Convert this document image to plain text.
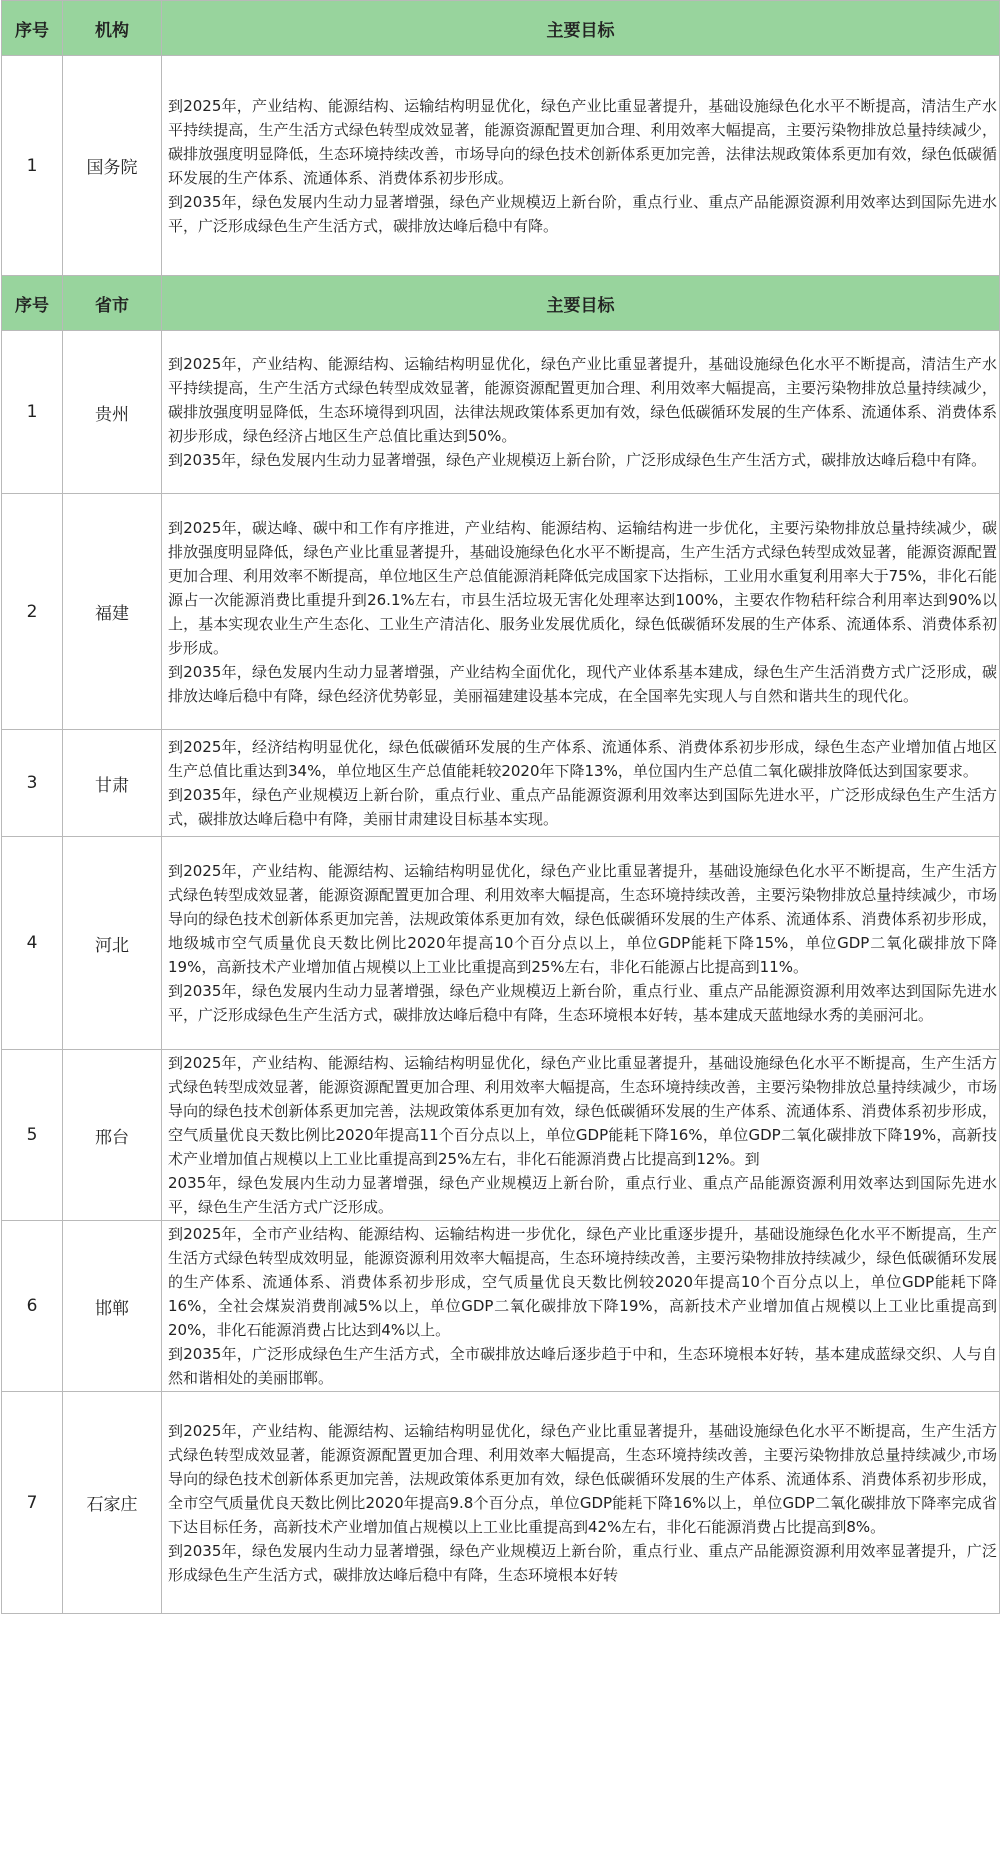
序号	机构	主要目标
1	国务院	到2025年，产业结构、能源结构、运输结构明显优化，绿色产业比重显著提升，基础设施绿色化水平不断提高，清洁生产水平持续提高，生产生活方式绿色转型成效显著，能源资源配置更加合理、利用效率大幅提高，主要污染物排放总量持续减少，碳排放强度明显降低，生态环境持续改善，市场导向的绿色技术创新体系更加完善，法律法规政策体系更加有效，绿色低碳循环发展的生产体系、流通体系、消费体系初步形成。

到2035年，绿色发展内生动力显著增强，绿色产业规模迈上新台阶，重点行业、重点产品能源资源利用效率达到国际先进水平，广泛形成绿色生产生活方式，碳排放达峰后稳中有降。

序号	省市	主要目标
1	贵州	到2025年，产业结构、能源结构、运输结构明显优化，绿色产业比重显著提升，基础设施绿色化水平不断提高，清洁生产水平持续提高，生产生活方式绿色转型成效显著，能源资源配置更加合理、利用效率大幅提高，主要污染物排放总量持续减少，碳排放强度明显降低，生态环境得到巩固，法律法规政策体系更加有效，绿色低碳循环发展的生产体系、流通体系、消费体系初步形成，绿色经济占地区生产总值比重达到50%。

到2035年，绿色发展内生动力显著增强，绿色产业规模迈上新台阶，广泛形成绿色生产生活方式，碳排放达峰后稳中有降。

2	福建	到2025年，碳达峰、碳中和工作有序推进，产业结构、能源结构、运输结构进一步优化，主要污染物排放总量持续减少，碳排放强度明显降低，绿色产业比重显著提升，基础设施绿色化水平不断提高，生产生活方式绿色转型成效显著，能源资源配置更加合理、利用效率不断提高，单位地区生产总值能源消耗降低完成国家下达指标，工业用水重复利用率大于75%，非化石能源占一次能源消费比重提升到26.1%左右，市县生活垃圾无害化处理率达到100%，主要农作物秸秆综合利用率达到90%以上，基本实现农业生产生态化、工业生产清洁化、服务业发展优质化，绿色低碳循环发展的生产体系、流通体系、消费体系初步形成。

到2035年，绿色发展内生动力显著增强，产业结构全面优化，现代产业体系基本建成，绿色生产生活消费方式广泛形成，碳排放达峰后稳中有降，绿色经济优势彰显，美丽福建建设基本完成，在全国率先实现人与自然和谐共生的现代化。

3	甘肃	到2025年，经济结构明显优化，绿色低碳循环发展的生产体系、流通体系、消费体系初步形成，绿色生态产业增加值占地区生产总值比重达到34%，单位地区生产总值能耗较2020年下降13%，单位国内生产总值二氧化碳排放降低达到国家要求。

到2035年，绿色产业规模迈上新台阶，重点行业、重点产品能源资源利用效率达到国际先进水平，广泛形成绿色生产生活方式，碳排放达峰后稳中有降，美丽甘肃建设目标基本实现。

4	河北	到2025年，产业结构、能源结构、运输结构明显优化，绿色产业比重显著提升，基础设施绿色化水平不断提高，生产生活方式绿色转型成效显著，能源资源配置更加合理、利用效率大幅提高，生态环境持续改善，主要污染物排放总量持续减少，市场导向的绿色技术创新体系更加完善，法规政策体系更加有效，绿色低碳循环发展的生产体系、流通体系、消费体系初步形成，地级城市空气质量优良天数比例比2020年提高10个百分点以上，单位GDP能耗下降15%，单位GDP二氧化碳排放下降19%，高新技术产业增加值占规模以上工业比重提高到25%左右，非化石能源占比提高到11%。

到2035年，绿色发展内生动力显著增强，绿色产业规模迈上新台阶，重点行业、重点产品能源资源利用效率达到国际先进水平，广泛形成绿色生产生活方式，碳排放达峰后稳中有降，生态环境根本好转，基本建成天蓝地绿水秀的美丽河北。

5	邢台	到2025年，产业结构、能源结构、运输结构明显优化，绿色产业比重显著提升，基础设施绿色化水平不断提高，生产生活方式绿色转型成效显著，能源资源配置更加合理、利用效率大幅提高，生态环境持续改善，主要污染物排放总量持续减少，市场导向的绿色技术创新体系更加完善，法规政策体系更加有效，绿色低碳循环发展的生产体系、流通体系、消费体系初步形成，空气质量优良天数比例比2020年提高11个百分点以上，单位GDP能耗下降16%，单位GDP二氧化碳排放下降19%，高新技术产业增加值占规模以上工业比重提高到25%左右，非化石能源消费占比提高到12%。到

2035年，绿色发展内生动力显著增强，绿色产业规模迈上新台阶，重点行业、重点产品能源资源利用效率达到国际先进水平，绿色生产生活方式广泛形成。

6	邯郸	到2025年，全市产业结构、能源结构、运输结构进一步优化，绿色产业比重逐步提升，基础设施绿色化水平不断提高，生产生活方式绿色转型成效明显，能源资源利用效率大幅提高，生态环境持续改善，主要污染物排放持续减少，绿色低碳循环发展的生产体系、流通体系、消费体系初步形成，空气质量优良天数比例较2020年提高10个百分点以上，单位GDP能耗下降16%，全社会煤炭消费削减5%以上，单位GDP二氧化碳排放下降19%，高新技术产业增加值占规模以上工业比重提高到20%，非化石能源消费占比达到4%以上。

到2035年，广泛形成绿色生产生活方式，全市碳排放达峰后逐步趋于中和，生态环境根本好转，基本建成蓝绿交织、人与自然和谐相处的美丽邯郸。

7	石家庄	到2025年，产业结构、能源结构、运输结构明显优化，绿色产业比重显著提升，基础设施绿色化水平不断提高，生产生活方式绿色转型成效显著，能源资源配置更加合理、利用效率大幅提高，生态环境持续改善，主要污染物排放总量持续减少,市场导向的绿色技术创新体系更加完善，法规政策体系更加有效，绿色低碳循环发展的生产体系、流通体系、消费体系初步形成，全市空气质量优良天数比例比2020年提高9.8个百分点，单位GDP能耗下降16%以上，单位GDP二氧化碳排放下降率完成省下达目标任务，高新技术产业增加值占规模以上工业比重提高到42%左右，非化石能源消费占比提高到8%。

到2035年，绿色发展内生动力显著增强，绿色产业规模迈上新台阶，重点行业、重点产品能源资源利用效率显著提升，广泛形成绿色生产生活方式，碳排放达峰后稳中有降，生态环境根本好转
